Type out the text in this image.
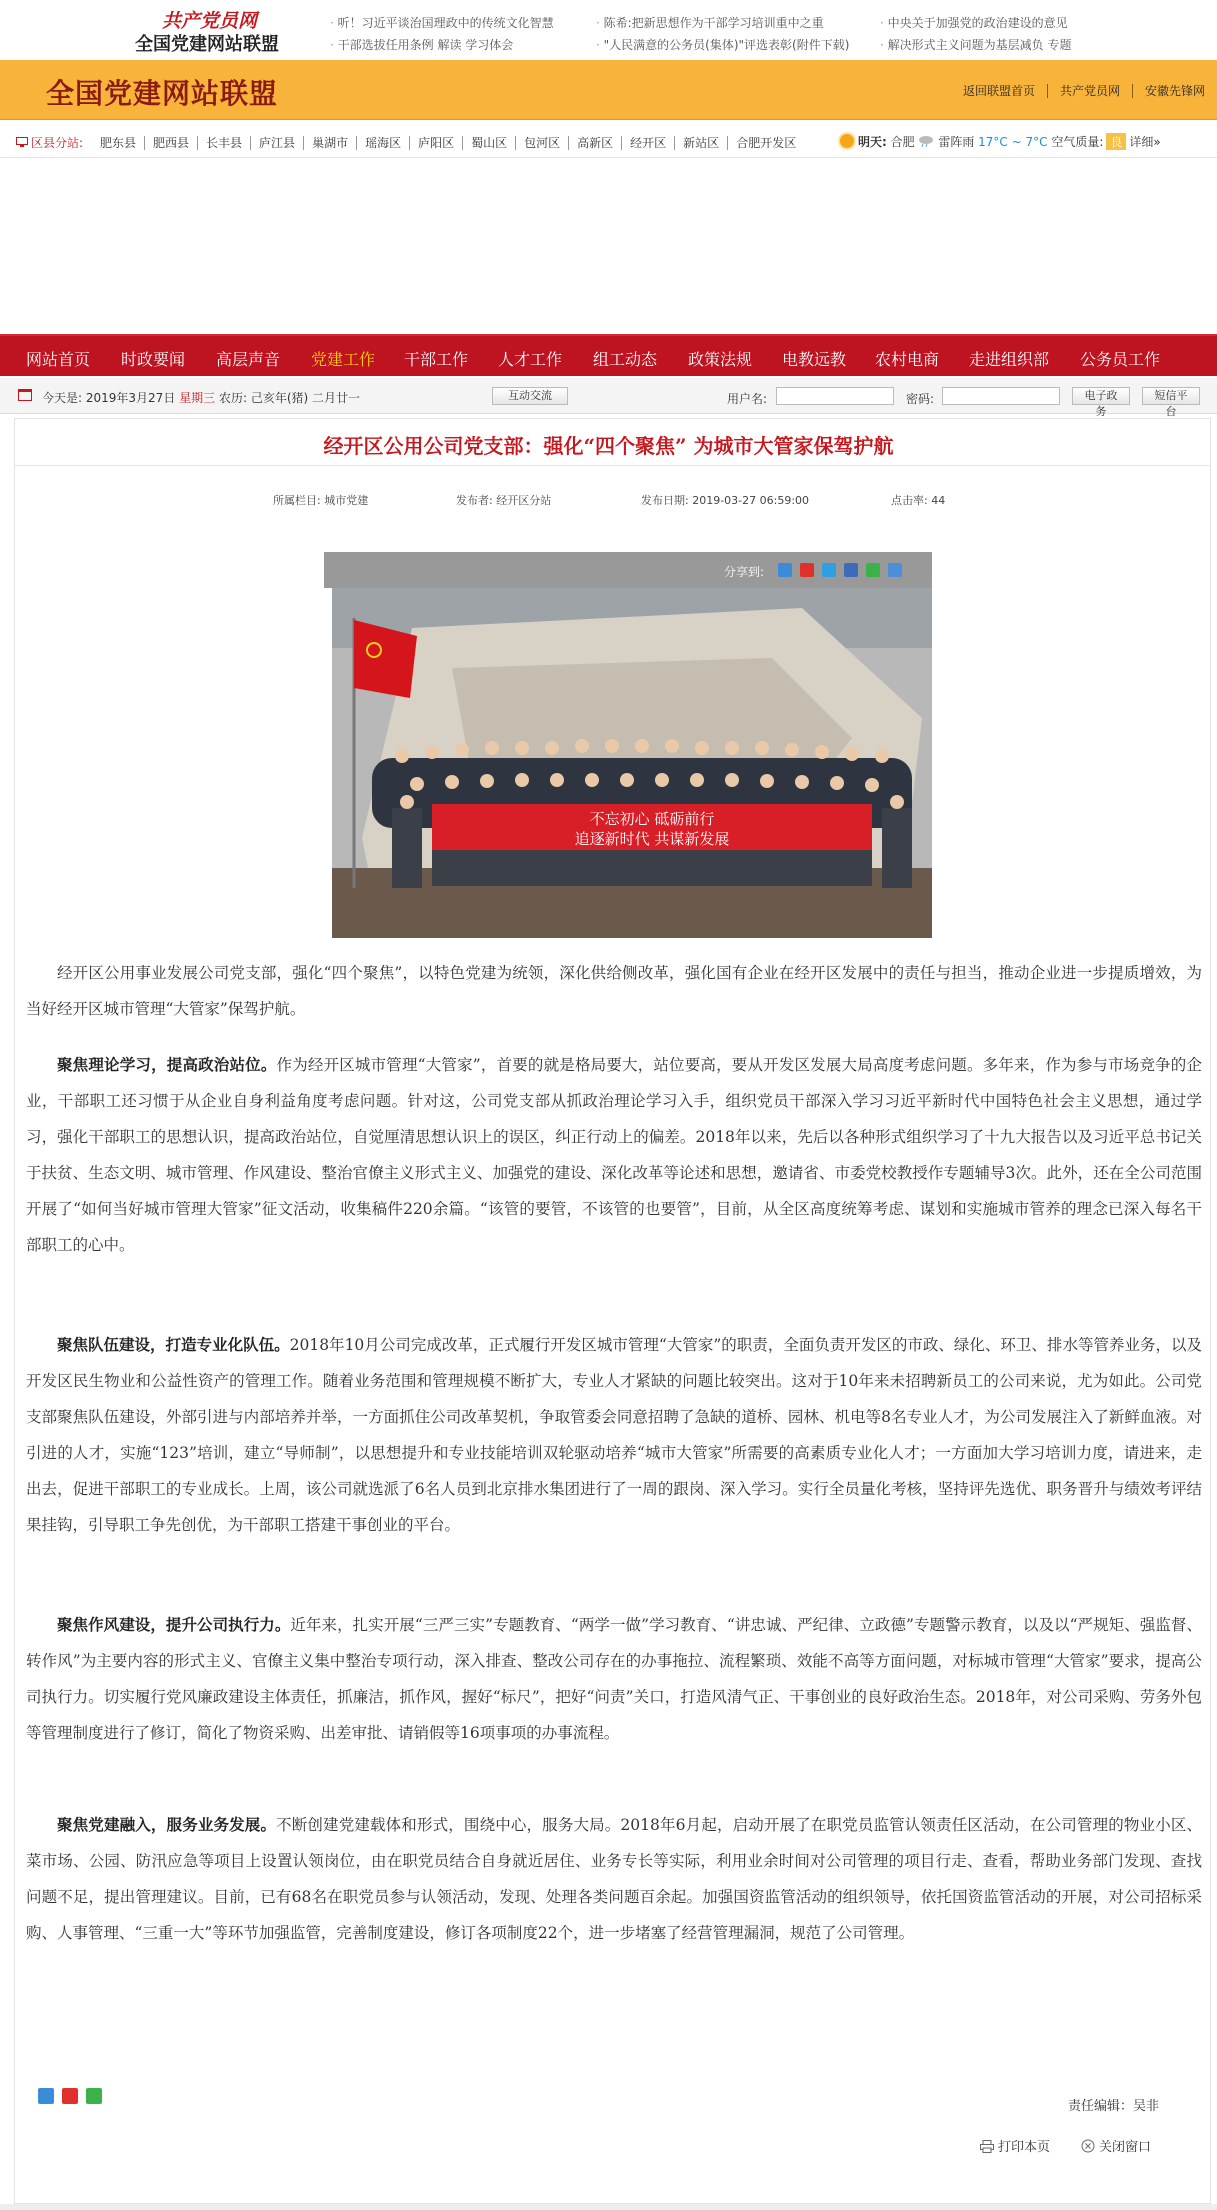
共产党员网
全国党建网站联盟
· 听！习近平谈治国理政中的传统文化智慧
· 干部选拔任用条例 解读 学习体会
· 陈希:把新思想作为干部学习培训重中之重
· "人民满意的公务员(集体)"评选表彰(附件下载)
· 中央关于加强党的政治建设的意见
· 解决形式主义问题为基层减负 专题
全国党建网站联盟	返回联盟首页 共产党员网 安徽先锋网
区县分站: 肥东县 肥西县 长丰县 庐江县 巢湖市 瑶海区 庐阳区 蜀山区 包河区 高新区 经开区 新站区 合肥开发区	明天: 合肥 雷阵雨 17°C ~ 7°C 空气质量: 良 详细»
网站首页 时政要闻 高层声音 党建工作 干部工作 人才工作 组工动态 政策法规 电教远教 农村电商 走进组织部 公务员工作
今天是: 2019年3月27日 星期三 农历: 己亥年(猪) 二月廿一	互动交流	用户名:	密码:	电子政务
短信平台
经开区公用公司党支部：强化“四个聚焦” 为城市大管家保驾护航
所属栏目: 城市党建	发布者: 经开区分站	发布日期: 2019-03-27 06:59:00	点击率: 44
分享到:
不忘初心 砥砺前行
追逐新时代 共谋新发展
经开区公用事业发展公司党支部，强化“四个聚焦”，以特色党建为统领，深化供给侧改革，强化国有企业在经开区发展中的责任与担当，推动企业进一步提质增效，为当好经开区城市管理“大管家”保驾护航。
聚焦理论学习，提高政治站位。作为经开区城市管理“大管家”，首要的就是格局要大，站位要高，要从开发区发展大局高度考虑问题。多年来，作为参与市场竞争的企业，干部职工还习惯于从企业自身利益角度考虑问题。针对这，公司党支部从抓政治理论学习入手，组织党员干部深入学习习近平新时代中国特色社会主义思想，通过学习，强化干部职工的思想认识，提高政治站位，自觉厘清思想认识上的误区，纠正行动上的偏差。2018年以来，先后以各种形式组织学习了十九大报告以及习近平总书记关于扶贫、生态文明、城市管理、作风建设、整治官僚主义形式主义、加强党的建设、深化改革等论述和思想，邀请省、市委党校教授作专题辅导3次。此外，还在全公司范围开展了“如何当好城市管理大管家”征文活动，收集稿件220余篇。“该管的要管，不该管的也要管”，目前，从全区高度统筹考虑、谋划和实施城市管养的理念已深入每名干部职工的心中。
聚焦队伍建设，打造专业化队伍。2018年10月公司完成改革，正式履行开发区城市管理“大管家”的职责，全面负责开发区的市政、绿化、环卫、排水等管养业务，以及开发区民生物业和公益性资产的管理工作。随着业务范围和管理规模不断扩大，专业人才紧缺的问题比较突出。这对于10年来未招聘新员工的公司来说，尤为如此。公司党支部聚焦队伍建设，外部引进与内部培养并举，一方面抓住公司改革契机，争取管委会同意招聘了急缺的道桥、园林、机电等8名专业人才，为公司发展注入了新鲜血液。对引进的人才，实施“123”培训，建立“导师制”，以思想提升和专业技能培训双轮驱动培养“城市大管家”所需要的高素质专业化人才；一方面加大学习培训力度，请进来，走出去，促进干部职工的专业成长。上周，该公司就选派了6名人员到北京排水集团进行了一周的跟岗、深入学习。实行全员量化考核，坚持评先选优、职务晋升与绩效考评结果挂钩，引导职工争先创优，为干部职工搭建干事创业的平台。
聚焦作风建设，提升公司执行力。近年来，扎实开展“三严三实”专题教育、“两学一做”学习教育、“讲忠诚、严纪律、立政德”专题警示教育，以及以“严规矩、强监督、转作风”为主要内容的形式主义、官僚主义集中整治专项行动，深入排查、整改公司存在的办事拖拉、流程繁琐、效能不高等方面问题，对标城市管理“大管家”要求，提高公司执行力。切实履行党风廉政建设主体责任，抓廉洁，抓作风，握好“标尺”，把好“问责”关口，打造风清气正、干事创业的良好政治生态。2018年，对公司采购、劳务外包等管理制度进行了修订，简化了物资采购、出差审批、请销假等16项事项的办事流程。
聚焦党建融入，服务业务发展。不断创建党建载体和形式，围绕中心，服务大局。2018年6月起，启动开展了在职党员监管认领责任区活动，在公司管理的物业小区、菜市场、公园、防汛应急等项目上设置认领岗位，由在职党员结合自身就近居住、业务专长等实际，利用业余时间对公司管理的项目行走、查看，帮助业务部门发现、查找问题不足，提出管理建议。目前，已有68名在职党员参与认领活动，发现、处理各类问题百余起。加强国资监管活动的组织领导，依托国资监管活动的开展，对公司招标采购、人事管理、“三重一大”等环节加强监管，完善制度建设，修订各项制度22个，进一步堵塞了经营管理漏洞，规范了公司管理。
责任编辑：吴非
打印本页	关闭窗口
